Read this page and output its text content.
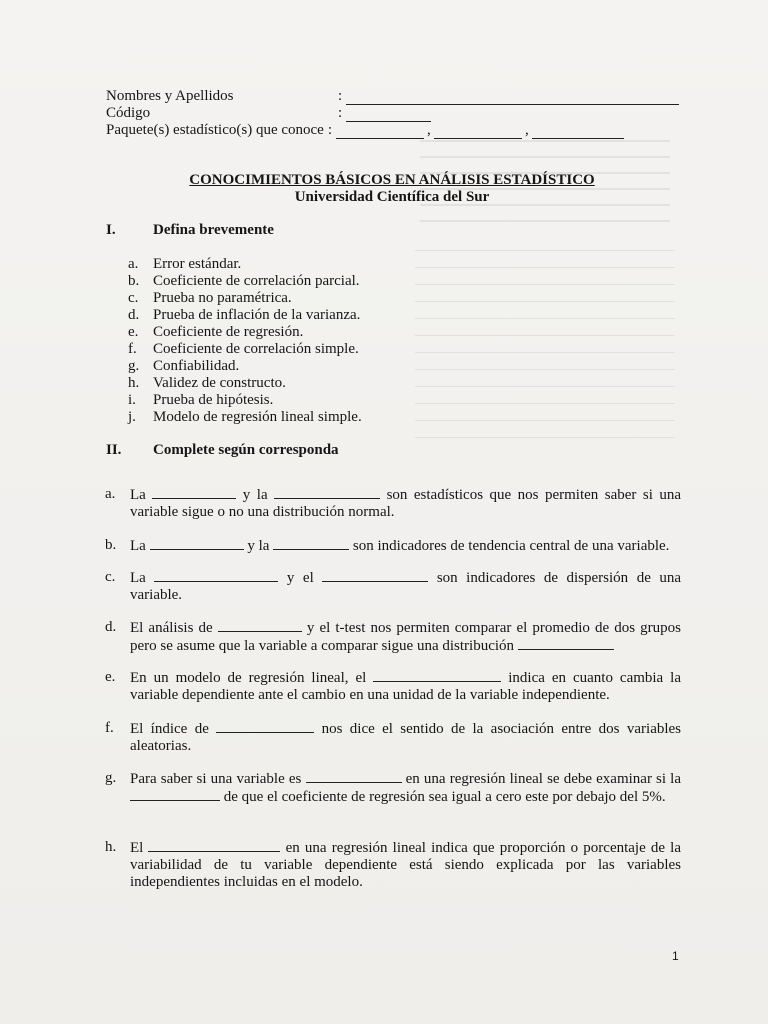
Nombres y Apellidos	:
Código	:
Paquete(s) estadístico(s) que conoce :	,	,
CONOCIMIENTOS BÁSICOS EN ANÁLISIS ESTADÍSTICO
Universidad Científica del Sur
I.	Defina brevemente
a. Error estándar.
b. Coeficiente de correlación parcial.
c. Prueba no paramétrica.
d. Prueba de inflación de la varianza.
e. Coeficiente de regresión.
f.	Coeficiente de correlación simple.
g. Confiabilidad.
h. Validez de constructo.
i.	Prueba de hipótesis.
j.	Modelo de regresión lineal simple.
II.	Complete según corresponda
a. La	y la	son estadísticos que nos permiten saber si una variable sigue o no una distribución normal.
b. La	y la	son indicadores de tendencia central de una variable.
c. La	y el	son indicadores de dispersión de una variable.
d. El análisis de	y el t-test nos permiten comparar el promedio de dos grupos pero se asume que la variable a comparar sigue una distribución
e. En un modelo de regresión lineal, el	indica en cuanto cambia la variable dependiente ante el cambio en una unidad de la variable independiente.
f.	El índice de	nos dice el sentido de la asociación entre dos variables aleatorias.
g. Para saber si una variable es	en una regresión lineal se debe examinar si la  de que el coeficiente de regresión sea igual a cero este por debajo del 5%.
h. El	en una regresión lineal indica que proporción o porcentaje de la variabilidad de tu variable dependiente está siendo explicada por las variables independientes incluidas en el modelo.
1
